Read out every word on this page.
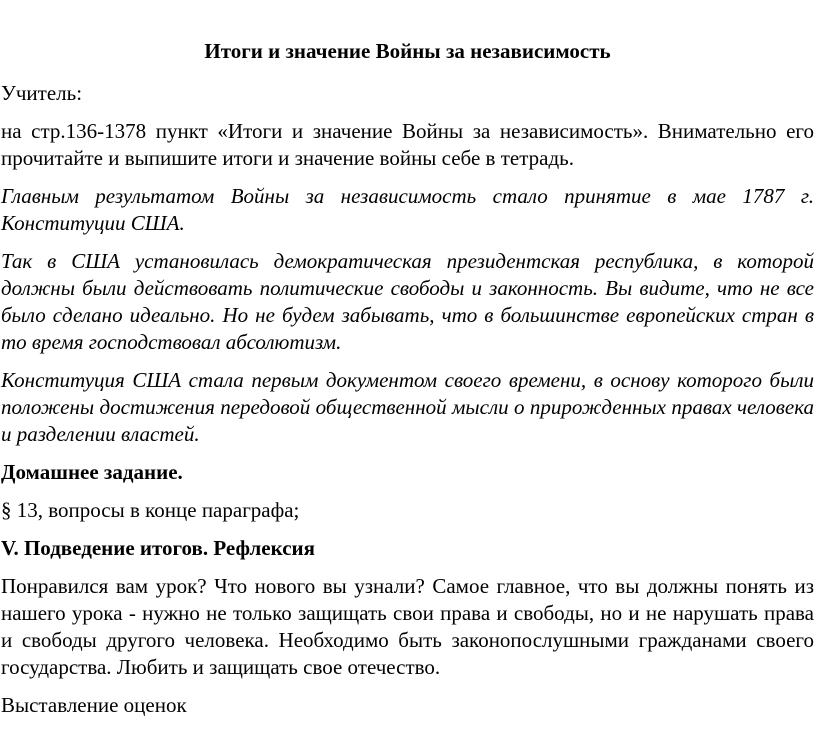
Итоги и значение Войны за независимость

Учитель:

на стр.136-1378 пункт «Итоги и значение Войны за независимость». Внимательно его прочитайте и выпишите итоги и значение войны себе в тетрадь.

Главным результатом Войны за независимость стало принятие в мае 1787 г. Конституции США.

Так в США установилась демократическая президентская республика, в которой должны были действовать политические свободы и законность. Вы видите, что не все было сделано идеально. Но не будем забывать, что в большинстве европейских стран в то время господствовал абсолютизм.

Конституция США стала первым документом своего времени, в основу которого были положены достижения передовой общественной мысли о прирожденных правах человека и разделении властей.

Домашнее задание.

§ 13, вопросы в конце параграфа;

V. Подведение итогов. Рефлексия

Понравился вам урок? Что нового вы узнали? Самое главное, что вы должны понять из нашего урока - нужно не только защищать свои права и свободы, но и не нарушать права и свободы другого человека. Необходимо быть законопослушными гражданами своего государства. Любить и защищать свое отечество.

Выставление оценок
